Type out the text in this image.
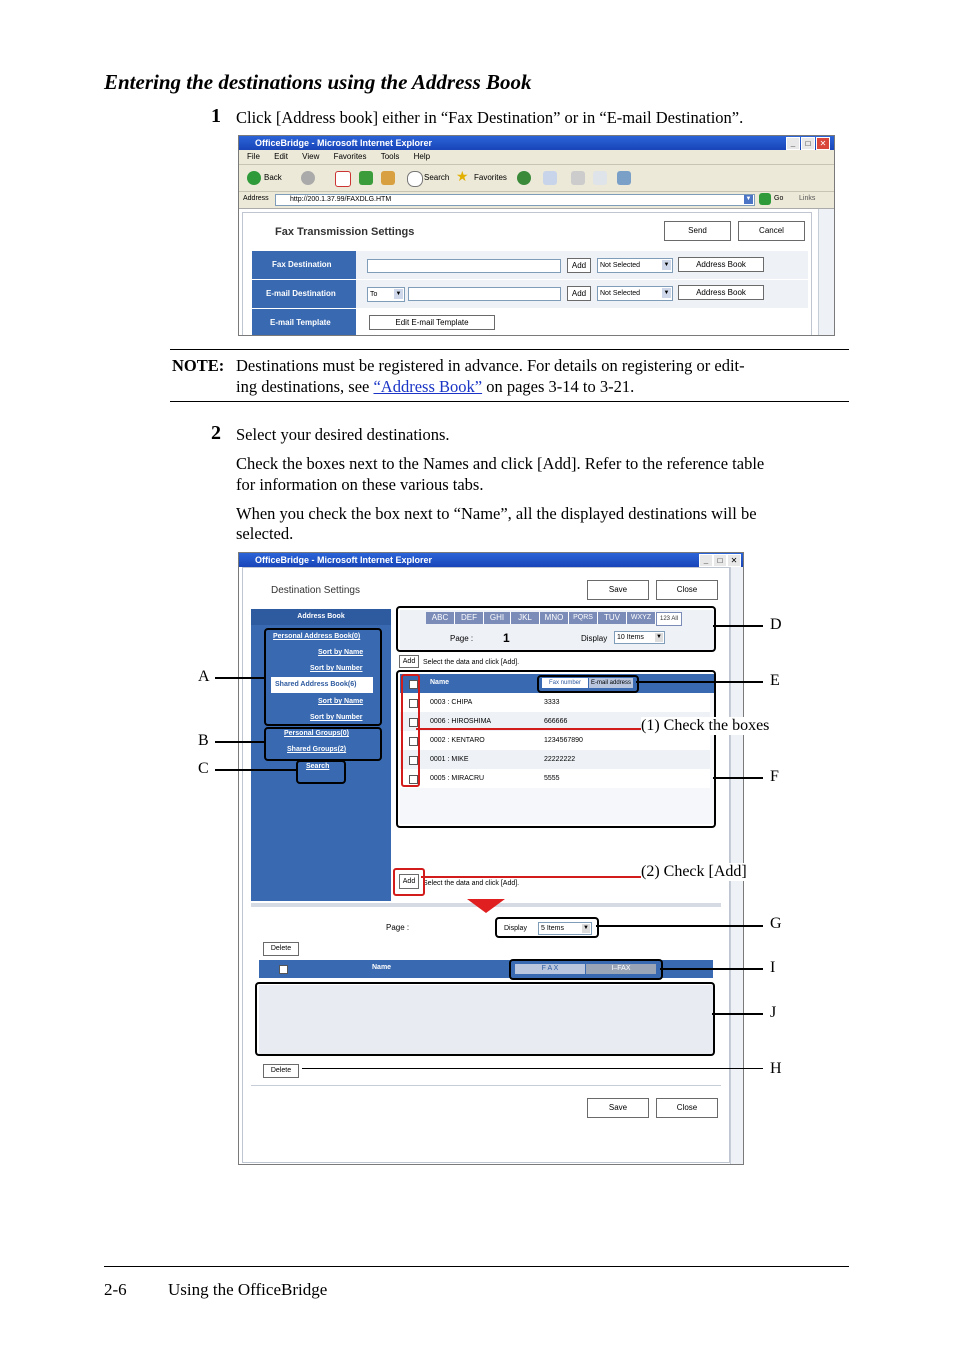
Entering the destinations using the Address Book
1 Click [Address book] either in “Fax Destination” or in “E-mail Destination”.
OfficeBridge - Microsoft Internet Explorer	_	□	✕
File Edit View Favorites Tools Help
Back	Search ★ Favorites
Address	http://200.1.37.99/FAXDLG.HTM	▼	Go Links
Fax Transmission Settings	Send	Cancel
Fax Destination	Add	Not Selected	▼	Address Book
E-mail Destination	To	▼	Add	Not Selected	▼	Address Book
E-mail Template	Edit E-mail Template
NOTE: Destinations must be registered in advance. For details on registering or edit-
ing destinations, see “Address Book” on pages 3-14 to 3-21.
2 Select your desired destinations.
Check the boxes next to the Names and click [Add]. Refer to the reference table
for information on these various tabs.
When you check the box next to “Name”, all the displayed destinations will be
selected.
OfficeBridge - Microsoft Internet Explorer	_	□	✕
Destination Settings	Save	Close
Address Book
Personal Address Book(0)
Sort by Name
Sort by Number
Shared Address Book(6)
Sort by Name
Sort by Number
Personal Groups(0)
Shared Groups(2)
Search
ABC	DEF	GHI	JKL	MNO	PQRS	TUV	WXYZ	123 All
Page : 1	Display	10 Items ▼
Add	Select the data and click [Add].
Name	Fax number	E-mail address
0003 : CHIPA	3333
0006 : HIROSHIMA	666666
0002 : KENTARO	1234567890
0001 : MIKE	22222222
0005 : MIRACRU	5555
Add	Select the data and click [Add].
Page :	Display	5 Items	▼
Delete
Name	F A X	I–FAX
Delete
Save	Close
A
B
C
D
E
F
G
I
J
H
(1) Check the boxes
(2) Check [Add]
2-6 Using the OfficeBridge
